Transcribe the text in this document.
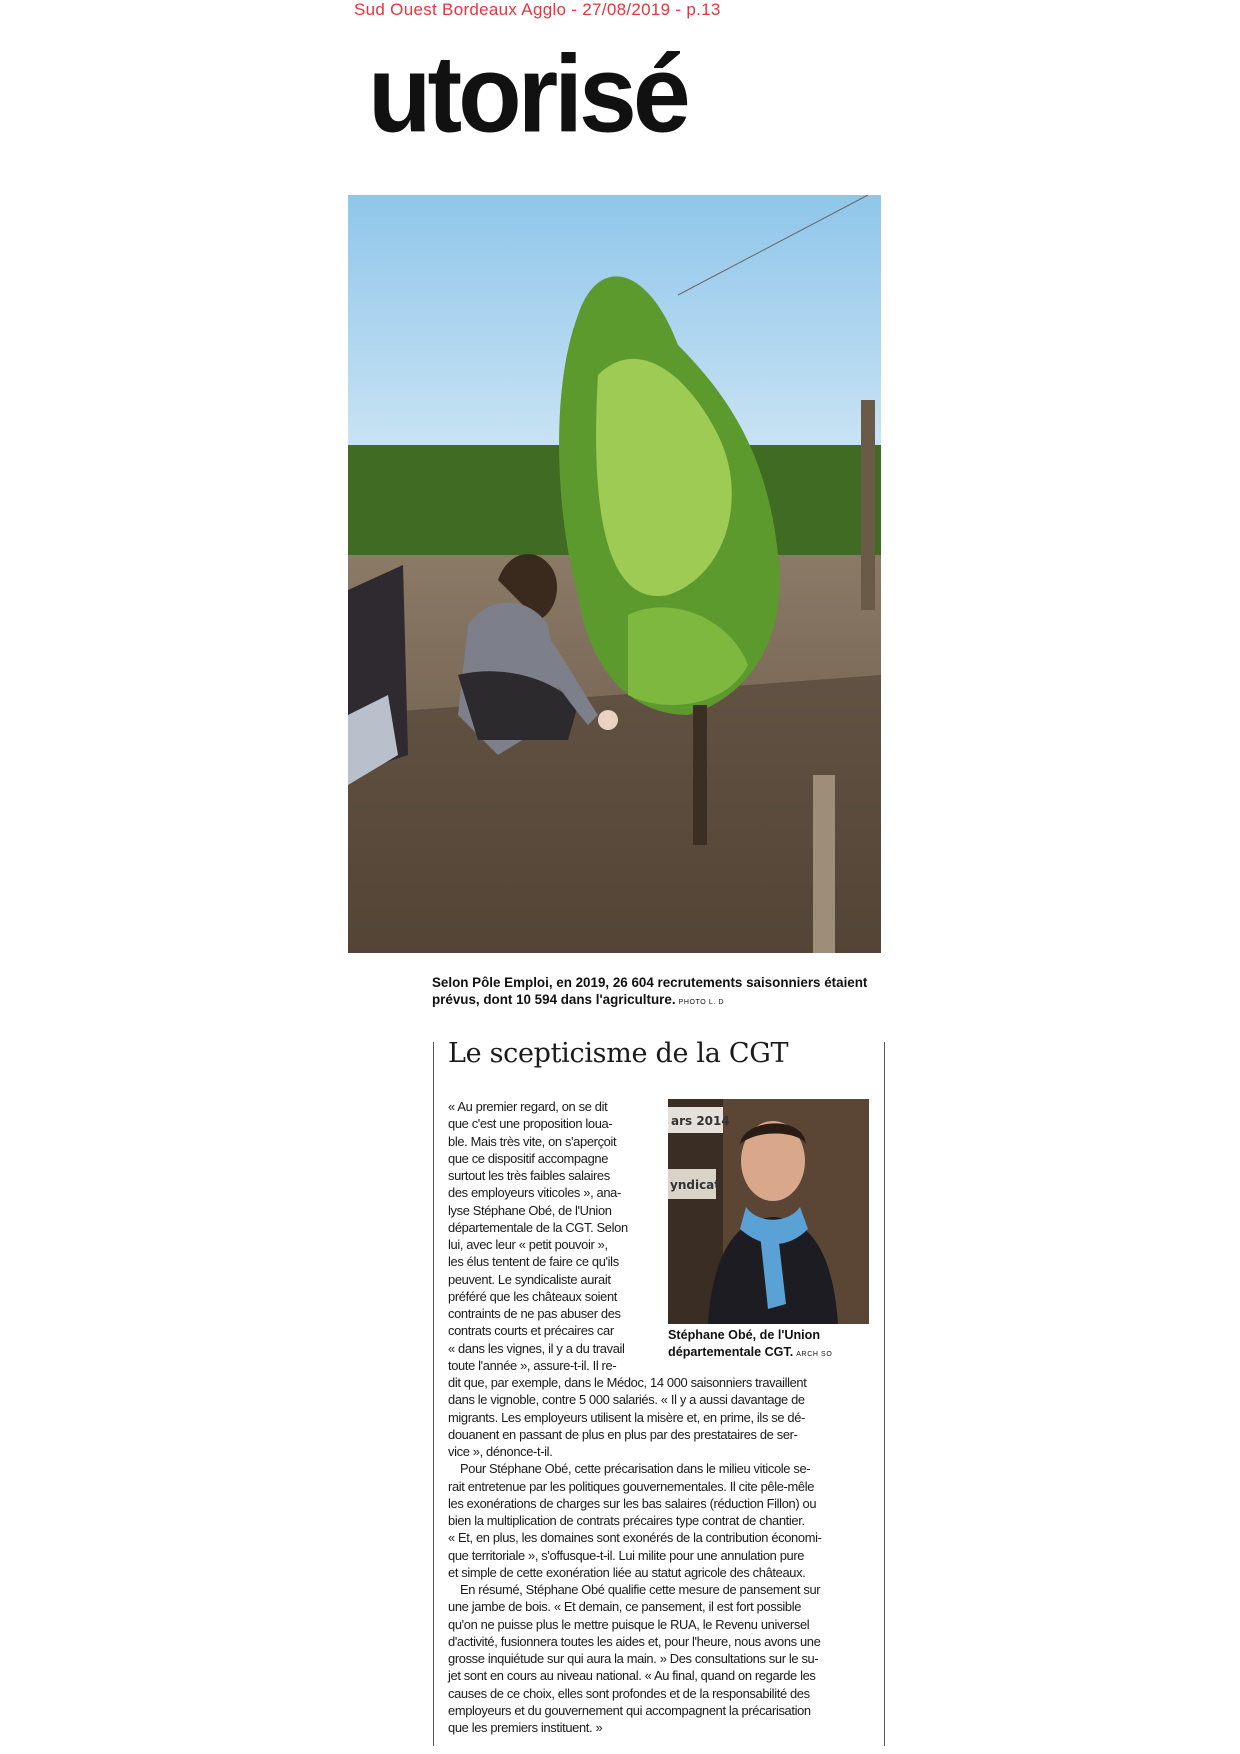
Sud Ouest Bordeaux Agglo - 27/08/2019 - p.13
utorisé
Selon Pôle Emploi, en 2019, 26 604 recrutements saisonniers étaient prévus, dont 10 594 dans l'agriculture. PHOTO L. D
Le scepticisme de la CGT
ars 2014
yndicat
Stéphane Obé, de l'Union départementale CGT. ARCH SO
« Au premier regard, on se dit
que c'est une proposition loua-
ble. Mais très vite, on s'aperçoit
que ce dispositif accompagne
surtout les très faibles salaires
des employeurs viticoles », ana-
lyse Stéphane Obé, de l'Union
départementale de la CGT. Selon
lui, avec leur « petit pouvoir »,
les élus tentent de faire ce qu'ils
peuvent. Le syndicaliste aurait
préféré que les châteaux soient
contraints de ne pas abuser des
contrats courts et précaires car
« dans les vignes, il y a du travail
toute l'année », assure-t-il. Il re-
dit que, par exemple, dans le Médoc, 14 000 saisonniers travaillent
dans le vignoble, contre 5 000 salariés. « Il y a aussi davantage de
migrants. Les employeurs utilisent la misère et, en prime, ils se dé-
douanent en passant de plus en plus par des prestataires de ser-
vice », dénonce-t-il.
Pour Stéphane Obé, cette précarisation dans le milieu viticole se-
rait entretenue par les politiques gouvernementales. Il cite pêle-mêle
les exonérations de charges sur les bas salaires (réduction Fillon) ou
bien la multiplication de contrats précaires type contrat de chantier.
« Et, en plus, les domaines sont exonérés de la contribution économi-
que territoriale », s'offusque-t-il. Lui milite pour une annulation pure
et simple de cette exonération liée au statut agricole des châteaux.
En résumé, Stéphane Obé qualifie cette mesure de pansement sur
une jambe de bois. « Et demain, ce pansement, il est fort possible
qu'on ne puisse plus le mettre puisque le RUA, le Revenu universel
d'activité, fusionnera toutes les aides et, pour l'heure, nous avons une
grosse inquiétude sur qui aura la main. » Des consultations sur le su-
jet sont en cours au niveau national. « Au final, quand on regarde les
causes de ce choix, elles sont profondes et de la responsabilité des
employeurs et du gouvernement qui accompagnent la précarisation
que les premiers instituent. »
